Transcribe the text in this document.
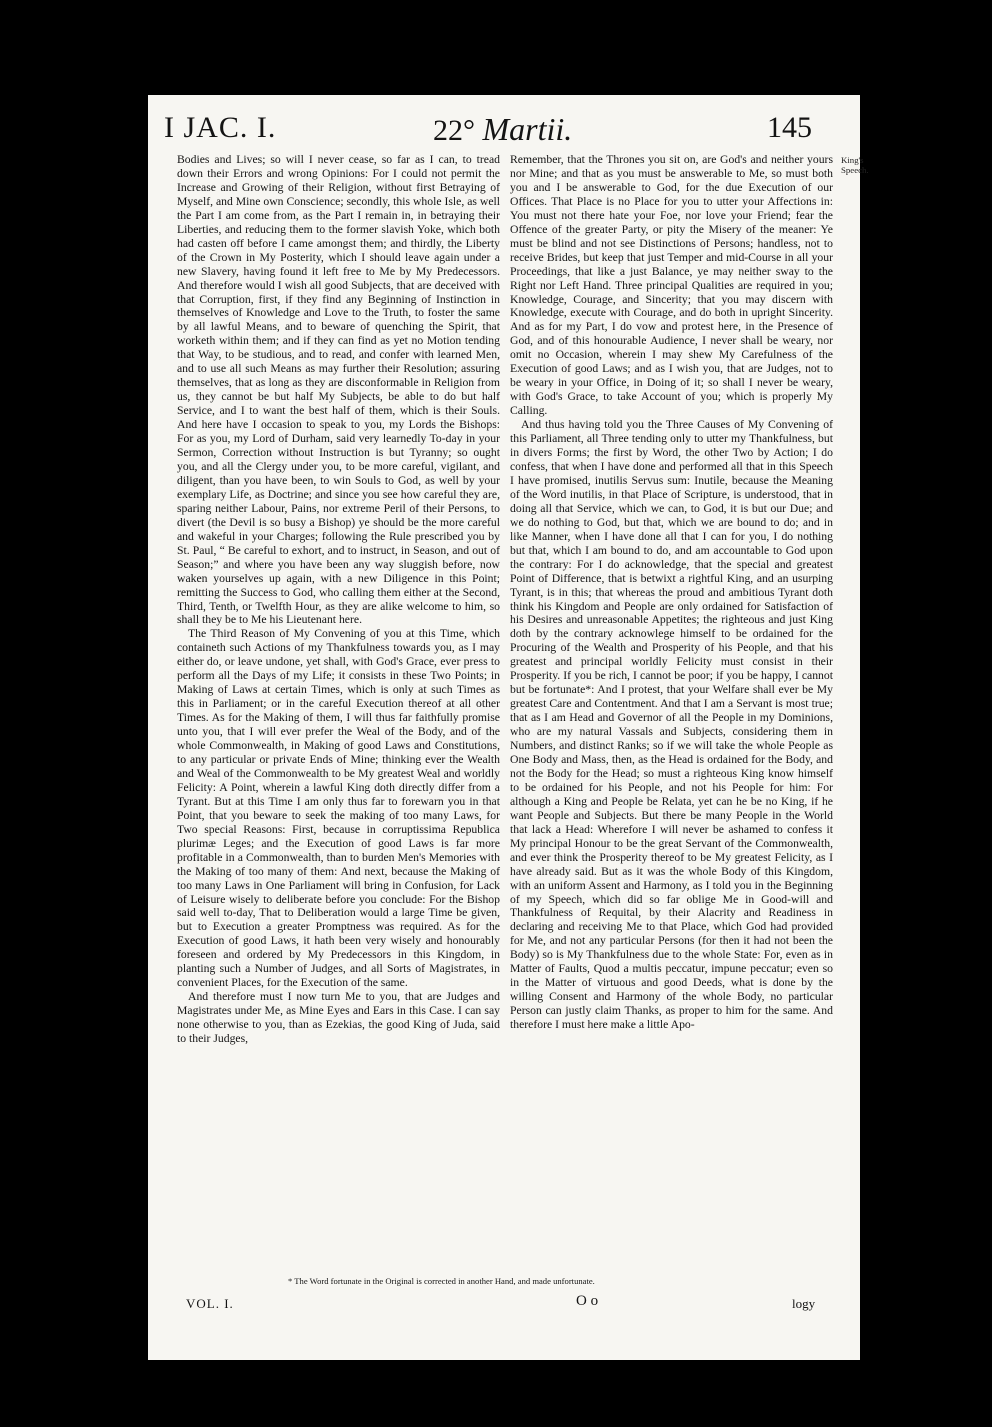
I JAC. I.	22° Martii.	145

Bodies and Lives; so will I never cease, so far as I can, to tread down their Errors and wrong Opinions: For I could not permit the Increase and Growing of their Religion, without first Betraying of Myself, and Mine own Conscience; secondly, this whole Isle, as well the Part I am come from, as the Part I remain in, in betraying their Liberties, and reducing them to the former slavish Yoke, which both had casten off before I came amongst them; and thirdly, the Liberty of the Crown in My Posterity, which I should leave again under a new Slavery, having found it left free to Me by My Predecessors. And therefore would I wish all good Subjects, that are deceived with that Corruption, first, if they find any Beginning of Instinction in themselves of Knowledge and Love to the Truth, to foster the same by all lawful Means, and to beware of quenching the Spirit, that worketh within them; and if they can find as yet no Motion tending that Way, to be studious, and to read, and confer with learned Men, and to use all such Means as may further their Resolution; assuring themselves, that as long as they are disconformable in Religion from us, they cannot be but half My Subjects, be able to do but half Service, and I to want the best half of them, which is their Souls. And here have I occasion to speak to you, my Lords the Bishops: For as you, my Lord of Durham, said very learnedly To-day in your Sermon, Correction without Instruction is but Tyranny; so ought you, and all the Clergy under you, to be more careful, vigilant, and diligent, than you have been, to win Souls to God, as well by your exemplary Life, as Doctrine; and since you see how careful they are, sparing neither Labour, Pains, nor extreme Peril of their Persons, to divert (the Devil is so busy a Bishop) ye should be the more careful and wakeful in your Charges; following the Rule prescribed you by St. Paul, “ Be careful to exhort, and to instruct, in Season, and out of Season;” and where you have been any way sluggish before, now waken yourselves up again, with a new Diligence in this Point; remitting the Success to God, who calling them either at the Second, Third, Tenth, or Twelfth Hour, as they are alike welcome to him, so shall they be to Me his Lieutenant here.

The Third Reason of My Convening of you at this Time, which containeth such Actions of my Thankfulness towards you, as I may either do, or leave undone, yet shall, with God's Grace, ever press to perform all the Days of my Life; it consists in these Two Points; in Making of Laws at certain Times, which is only at such Times as this in Parliament; or in the careful Execution thereof at all other Times. As for the Making of them, I will thus far faithfully promise unto you, that I will ever prefer the Weal of the Body, and of the whole Commonwealth, in Making of good Laws and Constitutions, to any particular or private Ends of Mine; thinking ever the Wealth and Weal of the Commonwealth to be My greatest Weal and worldly Felicity: A Point, wherein a lawful King doth directly differ from a Tyrant. But at this Time I am only thus far to forewarn you in that Point, that you beware to seek the making of too many Laws, for Two special Reasons: First, because in corruptissima Republica plurimæ Leges; and the Execution of good Laws is far more profitable in a Commonwealth, than to burden Men's Memories with the Making of too many of them: And next, because the Making of too many Laws in One Parliament will bring in Confusion, for Lack of Leisure wisely to deliberate before you conclude: For the Bishop said well to-day, That to Deliberation would a large Time be given, but to Execution a greater Promptness was required. As for the Execution of good Laws, it hath been very wisely and honourably foreseen and ordered by My Predecessors in this Kingdom, in planting such a Number of Judges, and all Sorts of Magistrates, in convenient Places, for the Execution of the same.

And therefore must I now turn Me to you, that are Judges and Magistrates under Me, as Mine Eyes and Ears in this Case. I can say none otherwise to you, than as Ezekias, the good King of Juda, said to their Judges,

Remember, that the Thrones you sit on, are God's and neither yours nor Mine; and that as you must be answerable to Me, so must both you and I be answerable to God, for the due Execution of our Offices. That Place is no Place for you to utter your Affections in: You must not there hate your Foe, nor love your Friend; fear the Offence of the greater Party, or pity the Misery of the meaner: Ye must be blind and not see Distinctions of Persons; handless, not to receive Brides, but keep that just Temper and mid-Course in all your Proceedings, that like a just Balance, ye may neither sway to the Right nor Left Hand. Three principal Qualities are required in you; Knowledge, Courage, and Sincerity; that you may discern with Knowledge, execute with Courage, and do both in upright Sincerity. And as for my Part, I do vow and protest here, in the Presence of God, and of this honourable Audience, I never shall be weary, nor omit no Occasion, wherein I may shew My Carefulness of the Execution of good Laws; and as I wish you, that are Judges, not to be weary in your Office, in Doing of it; so shall I never be weary, with God's Grace, to take Account of you; which is properly My Calling.

And thus having told you the Three Causes of My Convening of this Parliament, all Three tending only to utter my Thankfulness, but in divers Forms; the first by Word, the other Two by Action; I do confess, that when I have done and performed all that in this Speech I have promised, inutilis Servus sum: Inutile, because the Meaning of the Word inutilis, in that Place of Scripture, is understood, that in doing all that Service, which we can, to God, it is but our Due; and we do nothing to God, but that, which we are bound to do; and in like Manner, when I have done all that I can for you, I do nothing but that, which I am bound to do, and am accountable to God upon the contrary: For I do acknowledge, that the special and greatest Point of Difference, that is betwixt a rightful King, and an usurping Tyrant, is in this; that whereas the proud and ambitious Tyrant doth think his Kingdom and People are only ordained for Satisfaction of his Desires and unreasonable Appetites; the righteous and just King doth by the contrary acknowlege himself to be ordained for the Procuring of the Wealth and Prosperity of his People, and that his greatest and principal worldly Felicity must consist in their Prosperity. If you be rich, I cannot be poor; if you be happy, I cannot but be fortunate*: And I protest, that your Welfare shall ever be My greatest Care and Contentment. And that I am a Servant is most true; that as I am Head and Governor of all the People in my Dominions, who are my natural Vassals and Subjects, considering them in Numbers, and distinct Ranks; so if we will take the whole People as One Body and Mass, then, as the Head is ordained for the Body, and not the Body for the Head; so must a righteous King know himself to be ordained for his People, and not his People for him: For although a King and People be Relata, yet can he be no King, if he want People and Subjects. But there be many People in the World that lack a Head: Wherefore I will never be ashamed to confess it My principal Honour to be the great Servant of the Commonwealth, and ever think the Prosperity thereof to be My greatest Felicity, as I have already said. But as it was the whole Body of this Kingdom, with an uniform Assent and Harmony, as I told you in the Beginning of my Speech, which did so far oblige Me in Good-will and Thankfulness of Requital, by their Alacrity and Readiness in declaring and receiving Me to that Place, which God had provided for Me, and not any particular Persons (for then it had not been the Body) so is My Thankfulness due to the whole State: For, even as in Matter of Faults, Quod a multis peccatur, impune peccatur; even so in the Matter of virtuous and good Deeds, what is done by the willing Consent and Harmony of the whole Body, no particular Person can justly claim Thanks, as proper to him for the same. And therefore I must here make a little Apo-

King's Speech.
* The Word fortunate in the Original is corrected in another Hand, and made unfortunate.
VOL. I.	O o	logy
